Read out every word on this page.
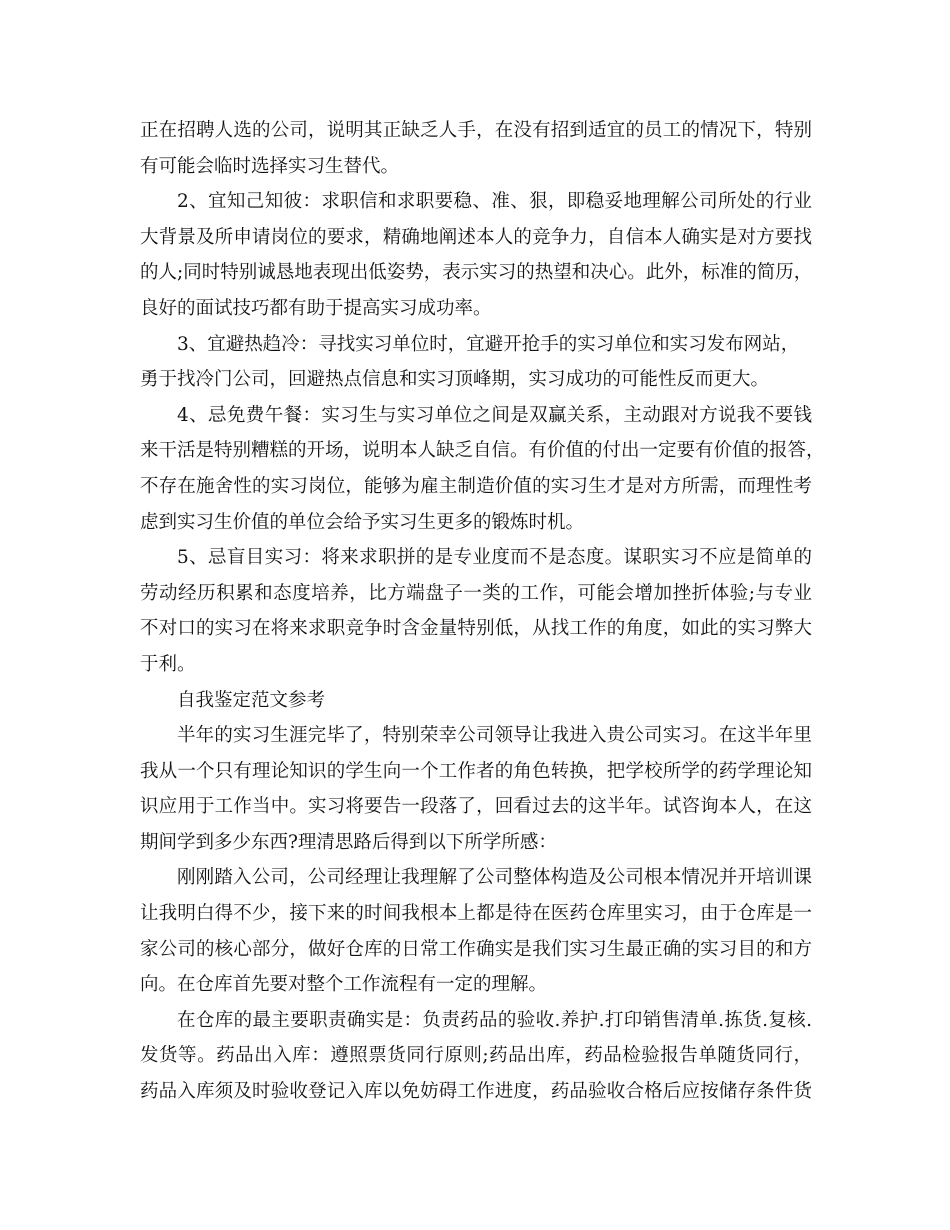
正在招聘人选的公司，说明其正缺乏人手，在没有招到适宜的员工的情况下，特别
有可能会临时选择实习生替代。
2、宜知己知彼：求职信和求职要稳、准、狠，即稳妥地理解公司所处的行业
大背景及所申请岗位的要求，精确地阐述本人的竞争力，自信本人确实是对方要找
的人;同时特别诚恳地表现出低姿势，表示实习的热望和决心。此外，标准的简历，
良好的面试技巧都有助于提高实习成功率。
3、宜避热趋冷：寻找实习单位时，宜避开抢手的实习单位和实习发布网站，
勇于找冷门公司，回避热点信息和实习顶峰期，实习成功的可能性反而更大。
4、忌免费午餐：实习生与实习单位之间是双赢关系，主动跟对方说我不要钱
来干活是特别糟糕的开场，说明本人缺乏自信。有价值的付出一定要有价值的报答，
不存在施舍性的实习岗位，能够为雇主制造价值的实习生才是对方所需，而理性考
虑到实习生价值的单位会给予实习生更多的锻炼时机。
5、忌盲目实习：将来求职拼的是专业度而不是态度。谋职实习不应是简单的
劳动经历积累和态度培养，比方端盘子一类的工作，可能会增加挫折体验;与专业
不对口的实习在将来求职竞争时含金量特别低，从找工作的角度，如此的实习弊大
于利。
自我鉴定范文参考
半年的实习生涯完毕了，特别荣幸公司领导让我进入贵公司实习。在这半年里
我从一个只有理论知识的学生向一个工作者的角色转换，把学校所学的药学理论知
识应用于工作当中。实习将要告一段落了，回看过去的这半年。试咨询本人，在这
期间学到多少东西?理清思路后得到以下所学所感：
刚刚踏入公司，公司经理让我理解了公司整体构造及公司根本情况并开培训课
让我明白得不少，接下来的时间我根本上都是待在医药仓库里实习，由于仓库是一
家公司的核心部分，做好仓库的日常工作确实是我们实习生最正确的实习目的和方
向。在仓库首先要对整个工作流程有一定的理解。
在仓库的最主要职责确实是：负责药品的验收.养护.打印销售清单.拣货.复核.
发货等。药品出入库：遵照票货同行原则;药品出库，药品检验报告单随货同行，
药品入库须及时验收登记入库以免妨碍工作进度，药品验收合格后应按储存条件货
